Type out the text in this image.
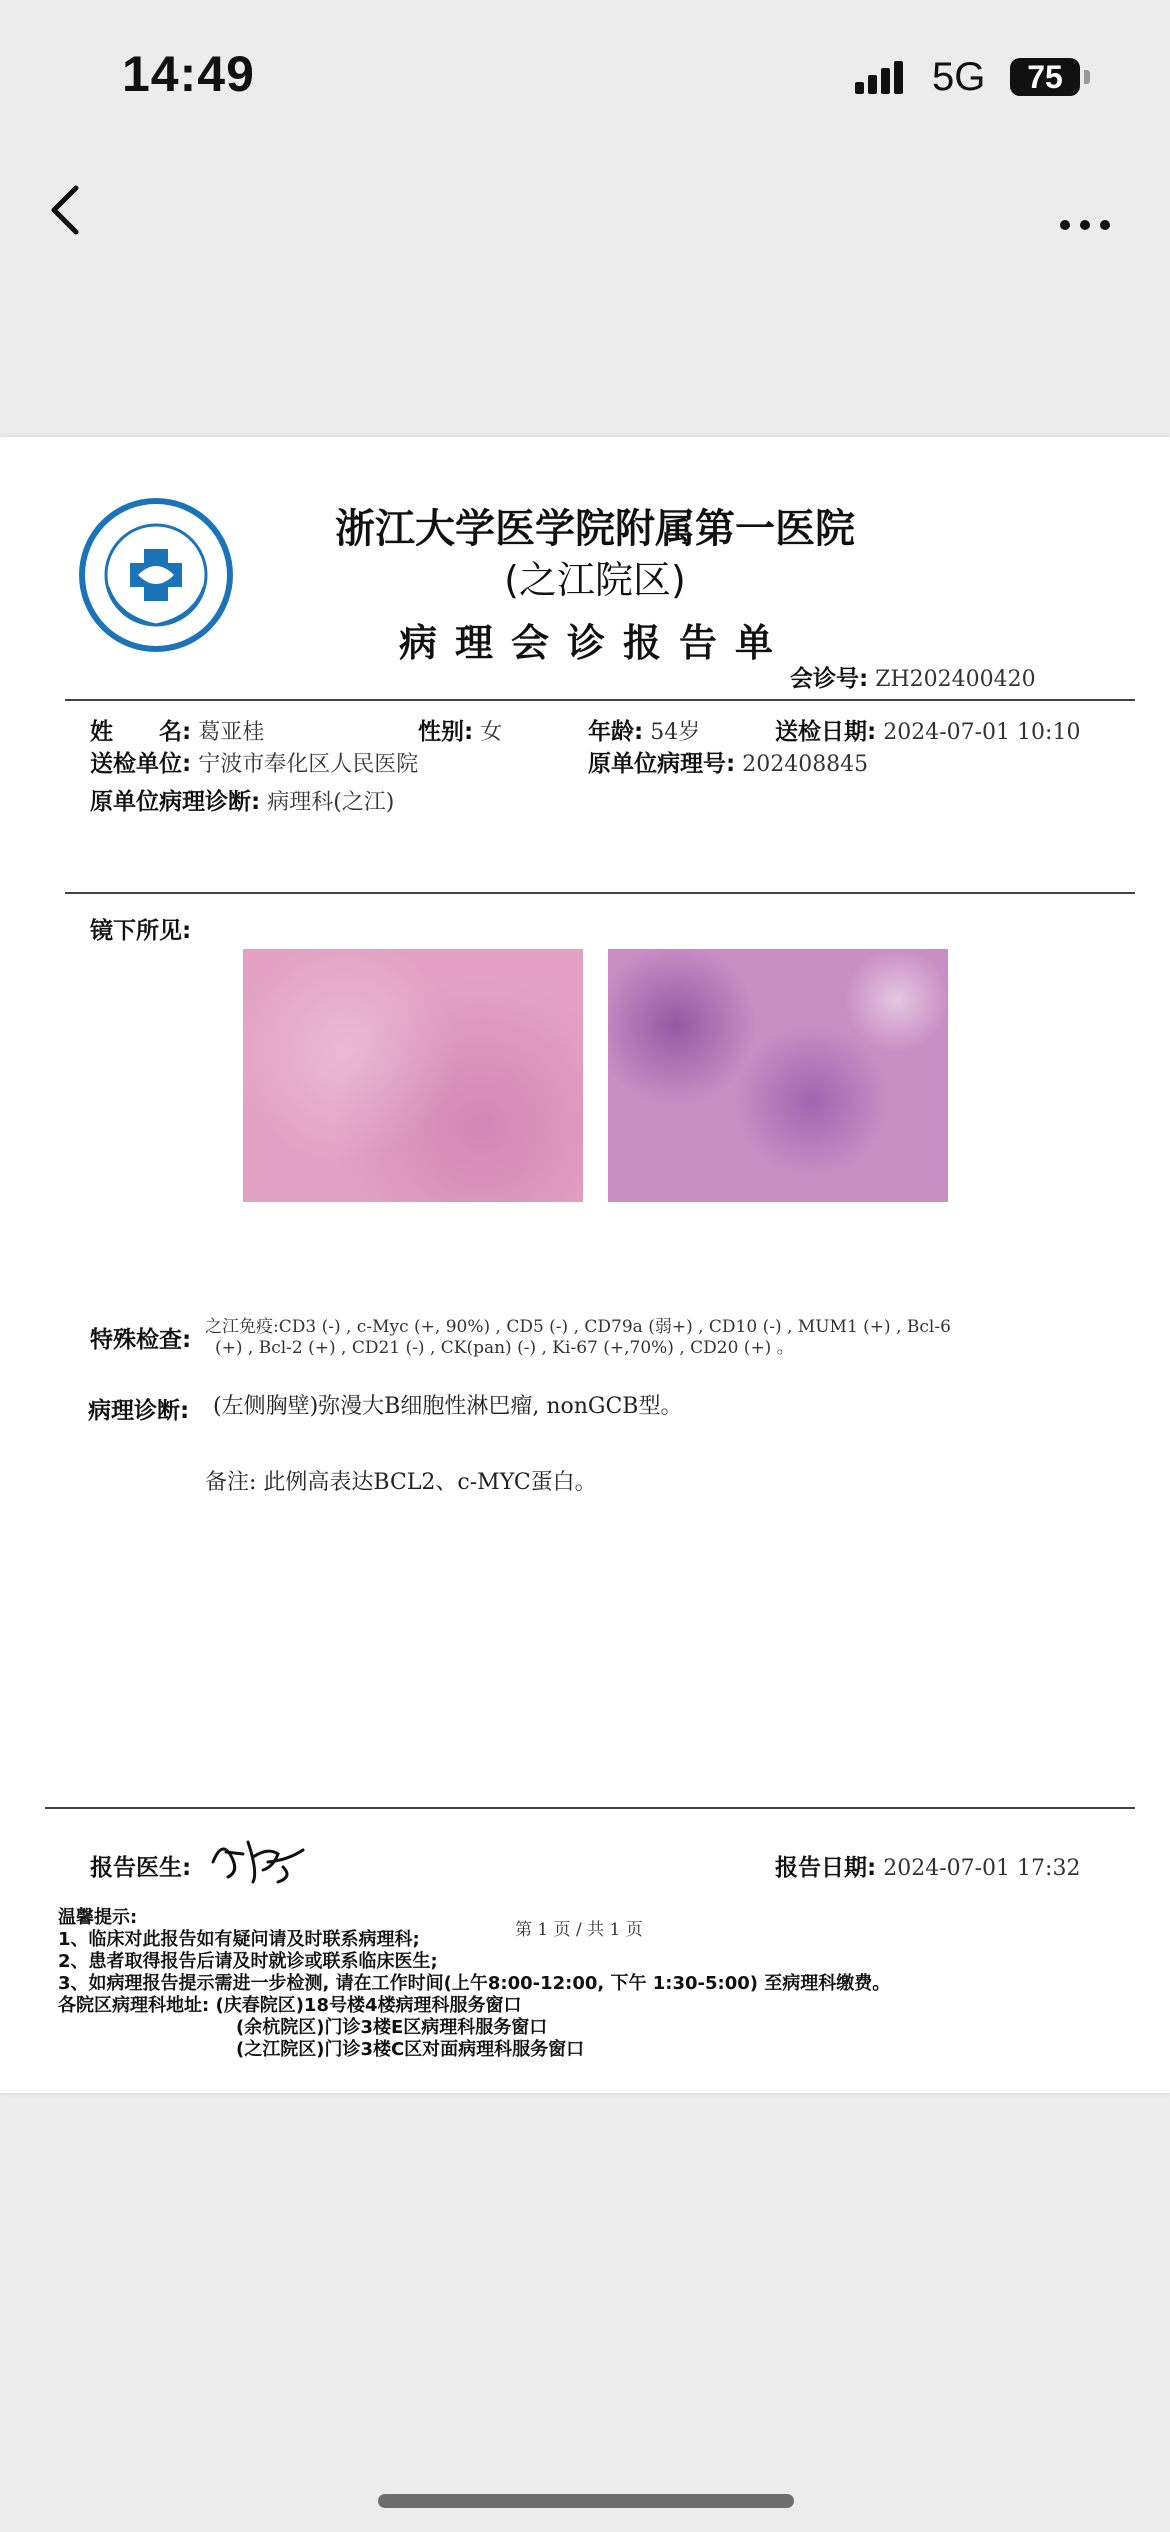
14:49	5G	75
浙江大学医学院附属第一医院
(之江院区)
病理会诊报告单
会诊号: ZH202400420
姓　　名: 葛亚桂	性别: 女	年龄: 54岁	送检日期: 2024-07-01 10:10
送检单位: 宁波市奉化区人民医院	原单位病理号: 202408845
原单位病理诊断: 病理科(之江)
镜下所见:
特殊检查: 之江免疫:CD3 (-) , c-Myc (+, 90%) , CD5 (-) , CD79a (弱+) , CD10 (-) , MUM1 (+) , Bcl-6
(+) , Bcl-2 (+) , CD21 (-) , CK(pan) (-) , Ki-67 (+,70%) , CD20 (+) 。
病理诊断: (左侧胸壁)弥漫大B细胞性淋巴瘤, nonGCB型。
备注: 此例高表达BCL2、c-MYC蛋白。
报告医生:	报告日期: 2024-07-01 17:32
温馨提示:
1、临床对此报告如有疑问请及时联系病理科;
2、患者取得报告后请及时就诊或联系临床医生;
3、如病理报告提示需进一步检测, 请在工作时间(上午8:00-12:00, 下午 1:30-5:00) 至病理科缴费。
各院区病理科地址: (庆春院区)18号楼4楼病理科服务窗口
(余杭院区)门诊3楼E区病理科服务窗口
(之江院区)门诊3楼C区对面病理科服务窗口
第 1 页 / 共 1 页
